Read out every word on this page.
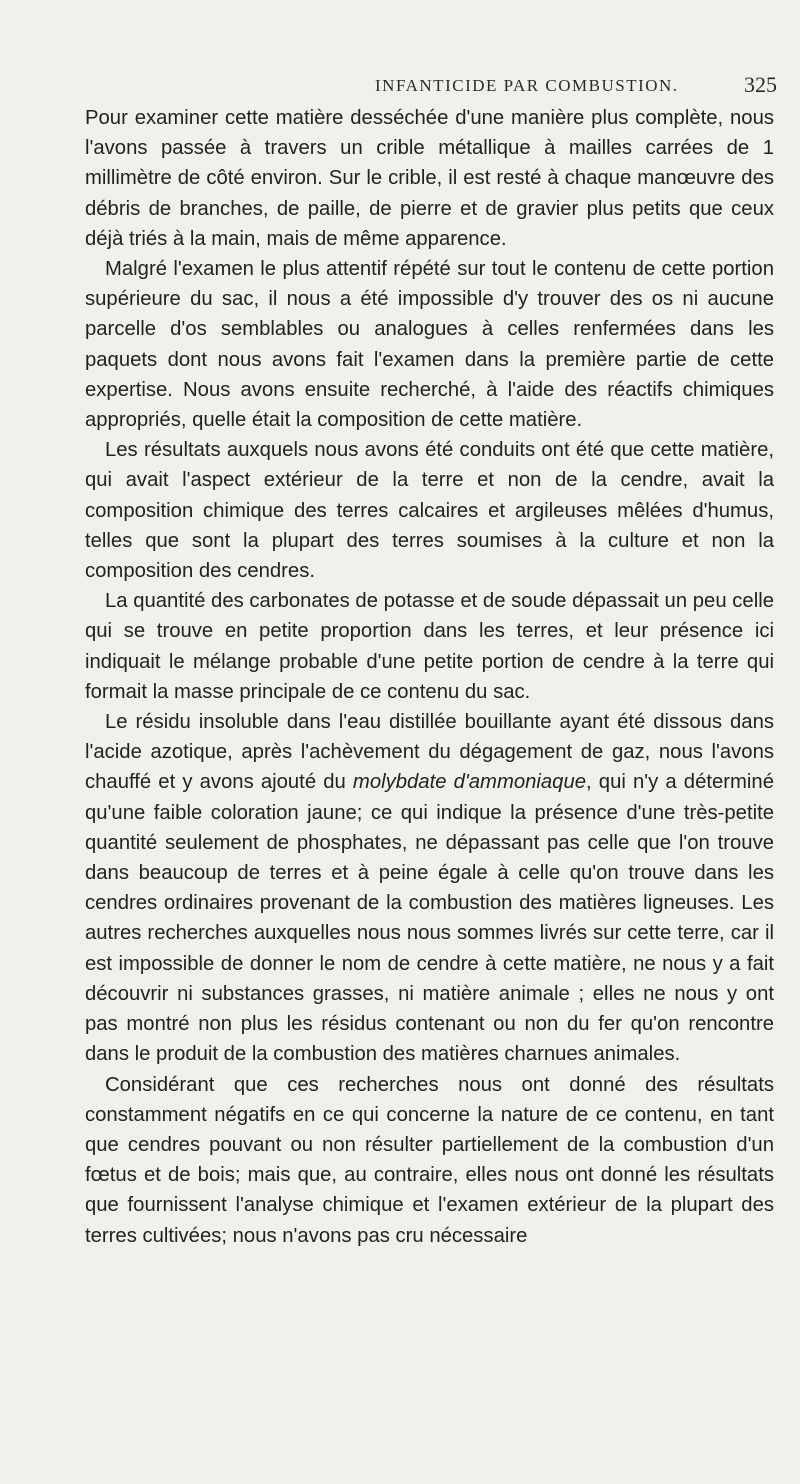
INFANTICIDE PAR COMBUSTION.	325

Pour examiner cette matière desséchée d'une manière plus complète, nous l'avons passée à travers un crible métallique à mailles carrées de 1 millimètre de côté environ. Sur le crible, il est resté à chaque manœuvre des débris de branches, de paille, de pierre et de gravier plus petits que ceux déjà triés à la main, mais de même apparence.

Malgré l'examen le plus attentif répété sur tout le contenu de cette portion supérieure du sac, il nous a été impossible d'y trouver des os ni aucune parcelle d'os semblables ou analogues à celles renfermées dans les paquets dont nous avons fait l'examen dans la première partie de cette expertise. Nous avons ensuite recherché, à l'aide des réactifs chimiques appropriés, quelle était la composition de cette matière.

Les résultats auxquels nous avons été conduits ont été que cette matière, qui avait l'aspect extérieur de la terre et non de la cendre, avait la composition chimique des terres calcaires et argileuses mêlées d'humus, telles que sont la plupart des terres soumises à la culture et non la composition des cendres.

La quantité des carbonates de potasse et de soude dépassait un peu celle qui se trouve en petite proportion dans les terres, et leur présence ici indiquait le mélange probable d'une petite portion de cendre à la terre qui formait la masse principale de ce contenu du sac.

Le résidu insoluble dans l'eau distillée bouillante ayant été dissous dans l'acide azotique, après l'achèvement du dégagement de gaz, nous l'avons chauffé et y avons ajouté du molybdate d'ammoniaque, qui n'y a déterminé qu'une faible coloration jaune; ce qui indique la présence d'une très-petite quantité seulement de phosphates, ne dépassant pas celle que l'on trouve dans beaucoup de terres et à peine égale à celle qu'on trouve dans les cendres ordinaires provenant de la combustion des matières ligneuses. Les autres recherches auxquelles nous nous sommes livrés sur cette terre, car il est impossible de donner le nom de cendre à cette matière, ne nous y a fait découvrir ni substances grasses, ni matière animale ; elles ne nous y ont pas montré non plus les résidus contenant ou non du fer qu'on rencontre dans le produit de la combustion des matières charnues animales.

Considérant que ces recherches nous ont donné des résultats constamment négatifs en ce qui concerne la nature de ce contenu, en tant que cendres pouvant ou non résulter partiellement de la combustion d'un fœtus et de bois; mais que, au contraire, elles nous ont donné les résultats que fournissent l'analyse chimique et l'examen extérieur de la plupart des terres cultivées; nous n'avons pas cru nécessaire
